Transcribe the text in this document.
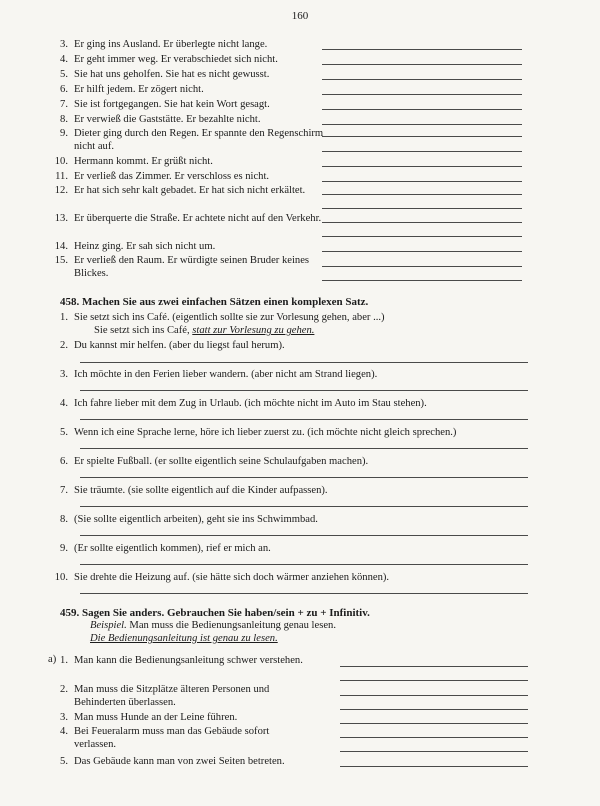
160
3. Er ging ins Ausland. Er überlegte nicht lange.
4. Er geht immer weg. Er verabschiedet sich nicht.
5. Sie hat uns geholfen. Sie hat es nicht gewusst.
6. Er hilft jedem. Er zögert nicht.
7. Sie ist fortgegangen. Sie hat kein Wort gesagt.
8. Er verwieß die Gaststätte. Er bezahlte nicht.
9. Dieter ging durch den Regen. Er spannte den Regenschirm nicht auf.
10. Hermann kommt. Er grüßt nicht.
11. Er verließ das Zimmer. Er verschloss es nicht.
12. Er hat sich sehr kalt gebadet. Er hat sich nicht erkältet.
13. Er überquerte die Straße. Er achtete nicht auf den Verkehr.
14. Heinz ging. Er sah sich nicht um.
15. Er verließ den Raum. Er würdigte seinen Bruder keines Blickes.
458. Machen Sie aus zwei einfachen Sätzen einen komplexen Satz.
1. Sie setzt sich ins Café. (eigentlich sollte sie zur Vorlesung gehen, aber ...)
Sie setzt sich ins Café, statt zur Vorlesung zu gehen.
2. Du kannst mir helfen. (aber du liegst faul herum).
3. Ich möchte in den Ferien lieber wandern. (aber nicht am Strand liegen).
4. Ich fahre lieber mit dem Zug in Urlaub. (ich möchte nicht im Auto im Stau stehen).
5. Wenn ich eine Sprache lerne, höre ich lieber zuerst zu. (ich möchte nicht gleich sprechen.)
6. Er spielte Fußball. (er sollte eigentlich seine Schulaufgaben machen).
7. Sie träumte. (sie sollte eigentlich auf die Kinder aufpassen).
8. (Sie sollte eigentlich arbeiten), geht sie ins Schwimmbad.
9. (Er sollte eigentlich kommen), rief er mich an.
10. Sie drehte die Heizung auf. (sie hätte sich doch wärmer anziehen können).
459. Sagen Sie anders. Gebrauchen Sie haben/sein + zu + Infinitiv.
Beispiel. Man muss die Bedienungsanleitung genau lesen.
Die Bedienungsanleitung ist genau zu lesen.
a) 1. Man kann die Bedienungsanleitung schwer verstehen.
2. Man muss die Sitzplätze älteren Personen und Behinderten überlassen.
3. Man muss Hunde an der Leine führen.
4. Bei Feueralarm muss man das Gebäude sofort verlassen.
5. Das Gebäude kann man von zwei Seiten betreten.
